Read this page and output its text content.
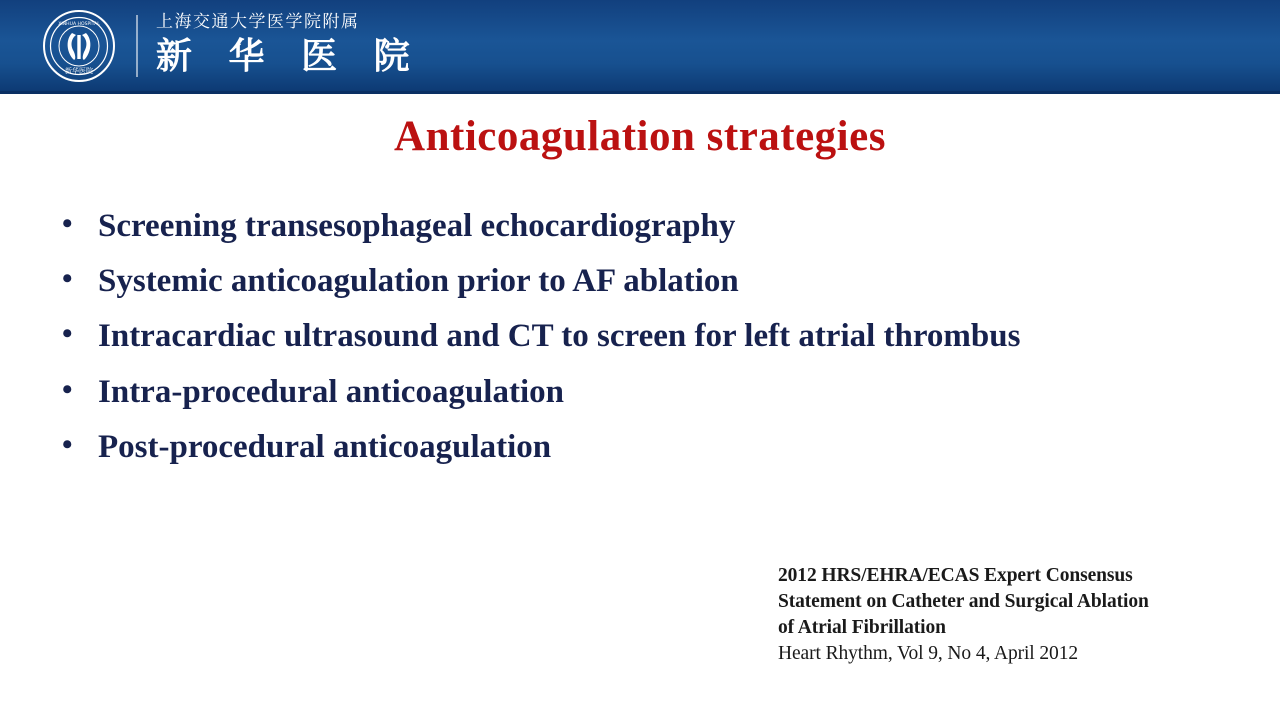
XINHUA HOSPITAL
新华医院
上海交通大学医学院附属
新 华 医 院
Anticoagulation strategies
• Screening transesophageal echocardiography
• Systemic anticoagulation prior to AF ablation
• Intracardiac ultrasound and CT to screen for left atrial thrombus
• Intra-procedural anticoagulation
• Post-procedural anticoagulation
2012 HRS/EHRA/ECAS Expert Consensus
Statement on Catheter and Surgical Ablation
of Atrial Fibrillation
Heart Rhythm, Vol 9, No 4, April 2012
